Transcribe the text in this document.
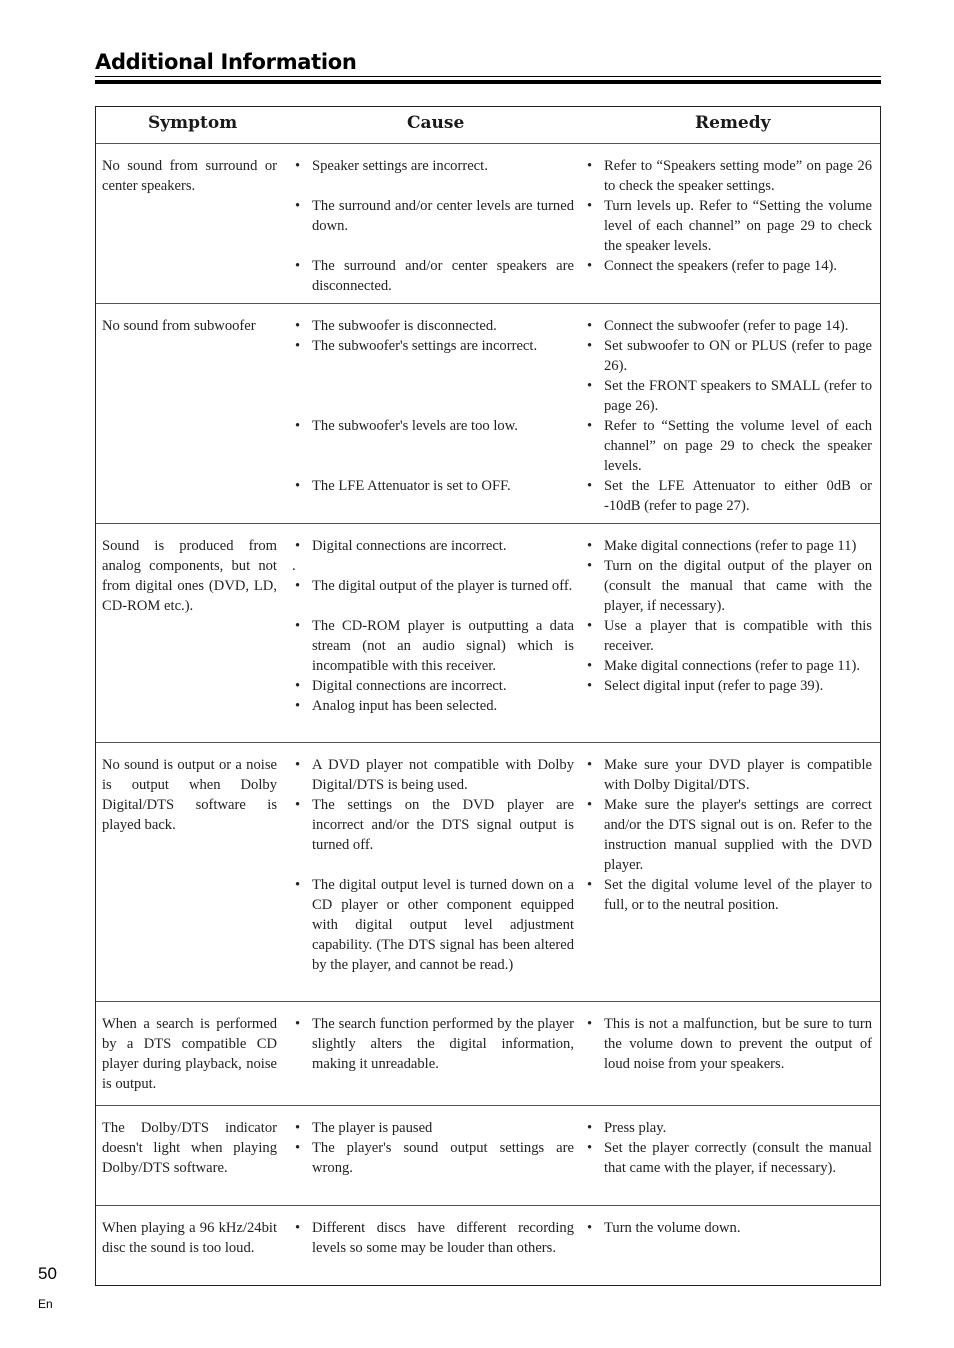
Additional Information
Symptom	Cause	Remedy
No sound from surround or center speakers.
• Speaker settings are incorrect.
• The surround and/or center levels are turned down.
• The surround and/or center speakers are disconnected.
• Refer to “Speakers setting mode” on page 26 to check the speaker settings.
• Turn levels up. Refer to “Setting the volume level of each channel” on page 29 to check the speaker levels.
• Connect the speakers (refer to page 14).
No sound from subwoofer
•	The subwoofer is disconnected.
• The subwoofer's settings are incorrect.
• The subwoofer's levels are too low.
• The LFE Attenuator is set to OFF.
• Connect the subwoofer (refer to page 14).
• Set subwoofer to ON or PLUS (refer to page 26).
• Set the FRONT speakers to SMALL (refer to page 26).
• Refer to “Setting the volume level of each channel” on page 29 to check the speaker levels.
• Set the LFE Attenuator to either 0dB or -10dB (refer to page 27).
Sound is produced from analog components, but not from digital ones (DVD, LD, CD-ROM etc.).
• Digital connections are incorrect.
.
• The digital output of the player is turned off.
• The CD-ROM player is outputting a data stream (not an audio signal) which is incompatible with this receiver.
• Digital connections are incorrect.
• Analog input has been selected.
• Make digital connections (refer to page 11)
• Turn on the digital output of the player on (consult the manual that came with the player, if necessary).
• Use a player that is compatible with this receiver.
• Make digital connections (refer to page 11).
• Select digital input (refer to page 39).
No sound is output or a noise is output when Dolby Digital/DTS software is played back.
• A DVD player not compatible with Dolby Digital/DTS is being used.
• The settings on the DVD player are incorrect and/or the DTS signal output is turned off.
• The digital output level is turned down on a CD player or other component equipped with digital output level adjustment capability. (The DTS signal has been altered by the player, and cannot be read.)
• Make sure your DVD player is compatible with Dolby Digital/DTS.
• Make sure the player's settings are correct and/or the DTS signal out is on. Refer to the instruction manual supplied with the DVD player.
• Set the digital volume level of the player to full, or to the neutral position.
When a search is performed by a DTS compatible CD player during playback, noise is output.
• The search function performed by the player slightly alters the digital information, making it unreadable.
• This is not a malfunction, but be sure to turn the volume down to prevent the output of loud noise from your speakers.
The Dolby/DTS indicator doesn't light when playing Dolby/DTS software.
• The player is paused
• The player's sound output settings are wrong.
• Press play.
• Set the player correctly (consult the manual that came with the player, if necessary).
When playing a 96 kHz/24bit disc the sound is too loud.
• Different discs have different recording levels so some may be louder than others.
• Turn the volume down.
50
En
